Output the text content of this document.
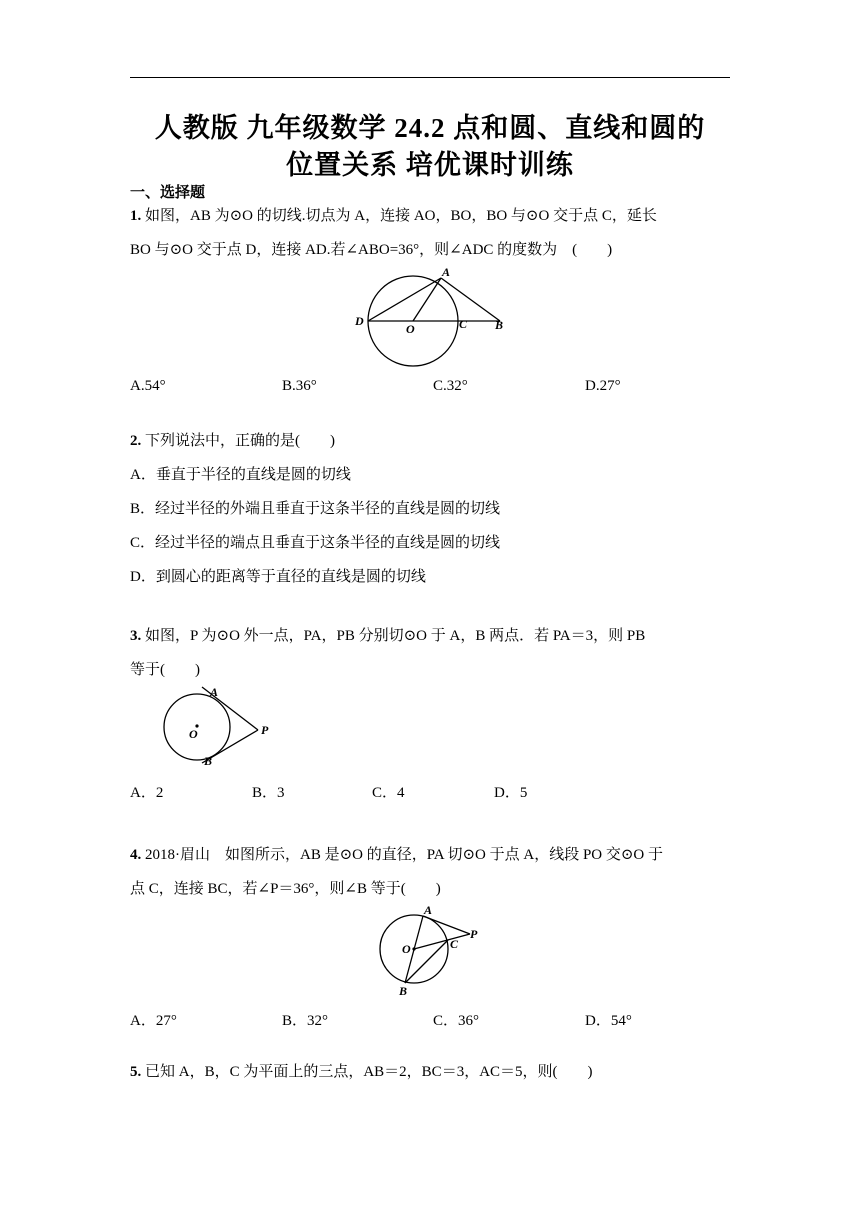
人教版 九年级数学 24.2 点和圆、直线和圆的
位置关系 培优课时训练
一、选择题
1. 如图，AB 为⊙O 的切线.切点为 A，连接 AO，BO，BO 与⊙O 交于点 C，延长
BO 与⊙O 交于点 D，连接 AD.若∠ABO=36°，则∠ADC 的度数为　(　　)
A
D
O	C B
A.54°	B.36°	C.32°	D.27°
2. 下列说法中，正确的是(　　)
A．垂直于半径的直线是圆的切线
B．经过半径的外端且垂直于这条半径的直线是圆的切线
C．经过半径的端点且垂直于这条半径的直线是圆的切线
D．到圆心的距离等于直径的直线是圆的切线
3. 如图，P 为⊙O 外一点，PA，PB 分别切⊙O 于 A，B 两点．若 PA＝3，则 PB
等于(　　)
A
O	P
B
A．2	B．3	C．4	D．5
4. 2018·眉山　如图所示，AB 是⊙O 的直径，PA 切⊙O 于点 A，线段 PO 交⊙O 于
点 C，连接 BC，若∠P＝36°，则∠B 等于(　　)
A
O	C
P
B
A．27°	B．32°	C．36°	D．54°
5. 已知 A，B，C 为平面上的三点，AB＝2，BC＝3，AC＝5，则(　　)
